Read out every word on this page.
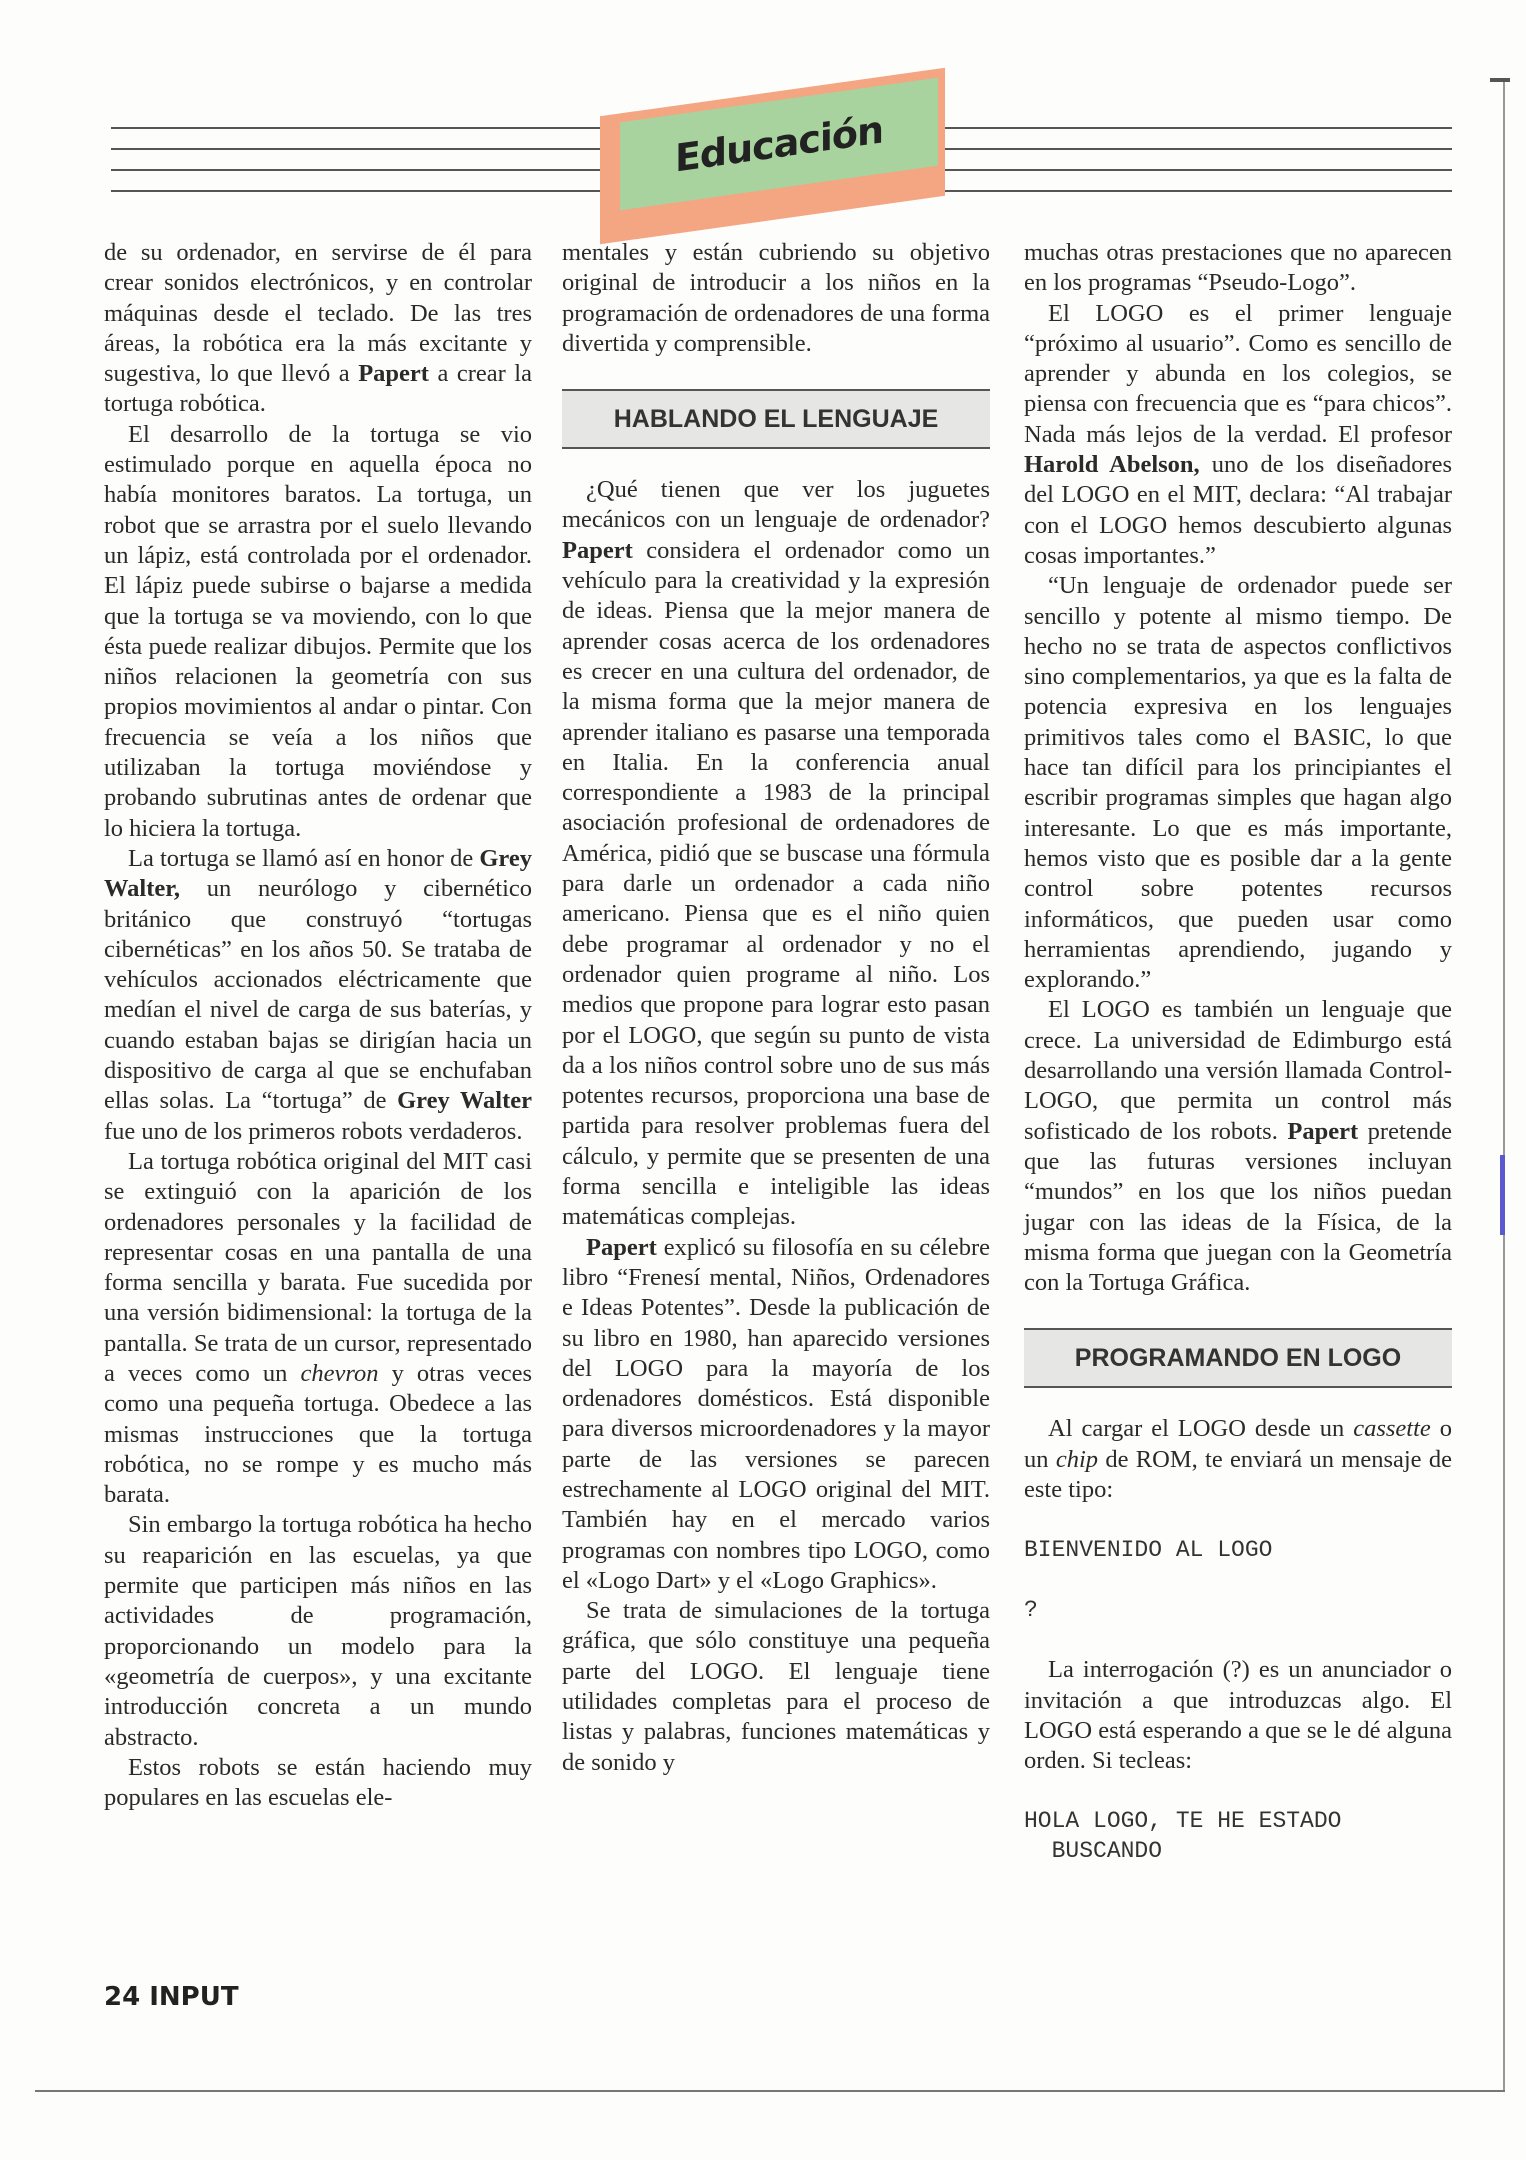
Educación

de su ordenador, en servirse de él para crear sonidos electrónicos, y en controlar máquinas desde el teclado. De las tres áreas, la robótica era la más excitante y sugestiva, lo que llevó a Papert a crear la tortuga robótica.

El desarrollo de la tortuga se vio estimulado porque en aquella época no había monitores baratos. La tortuga, un robot que se arrastra por el suelo llevando un lápiz, está controlada por el ordenador. El lápiz puede subirse o bajarse a medida que la tortuga se va moviendo, con lo que ésta puede realizar dibujos. Permite que los niños relacionen la geometría con sus propios movimientos al andar o pintar. Con frecuencia se veía a los niños que utilizaban la tortuga moviéndose y probando subrutinas antes de ordenar que lo hiciera la tortuga.

La tortuga se llamó así en honor de Grey Walter, un neurólogo y cibernético británico que construyó “tortugas cibernéticas” en los años 50. Se trataba de vehículos accionados eléctricamente que medían el nivel de carga de sus baterías, y cuando estaban bajas se dirigían hacia un dispositivo de carga al que se enchufaban ellas solas. La “tortuga” de Grey Walter fue uno de los primeros robots verdaderos.

La tortuga robótica original del MIT casi se extinguió con la aparición de los ordenadores personales y la facilidad de representar cosas en una pantalla de una forma sencilla y barata. Fue sucedida por una versión bidimensional: la tortuga de la pantalla. Se trata de un cursor, representado a veces como un chevron y otras veces como una pequeña tortuga. Obedece a las mismas instrucciones que la tortuga robótica, no se rompe y es mucho más barata.

Sin embargo la tortuga robótica ha hecho su reaparición en las escuelas, ya que permite que participen más niños en las actividades de programación, proporcionando un modelo para la «geometría de cuerpos», y una excitante introducción concreta a un mundo abstracto.

Estos robots se están haciendo muy populares en las escuelas ele-

mentales y están cubriendo su objetivo original de introducir a los niños en la programación de ordenadores de una forma divertida y comprensible.

HABLANDO EL LENGUAJE

¿Qué tienen que ver los juguetes mecánicos con un lenguaje de ordenador? Papert considera el ordenador como un vehículo para la creatividad y la expresión de ideas. Piensa que la mejor manera de aprender cosas acerca de los ordenadores es crecer en una cultura del ordenador, de la misma forma que la mejor manera de aprender italiano es pasarse una temporada en Italia. En la conferencia anual correspondiente a 1983 de la principal asociación profesional de ordenadores de América, pidió que se buscase una fórmula para darle un ordenador a cada niño americano. Piensa que es el niño quien debe programar al ordenador y no el ordenador quien programe al niño. Los medios que propone para lograr esto pasan por el LOGO, que según su punto de vista da a los niños control sobre uno de sus más potentes recursos, proporciona una base de partida para resolver problemas fuera del cálculo, y permite que se presenten de una forma sencilla e inteligible las ideas matemáticas complejas.

Papert explicó su filosofía en su célebre libro “Frenesí mental, Niños, Ordenadores e Ideas Potentes”. Desde la publicación de su libro en 1980, han aparecido versiones del LOGO para la mayoría de los ordenadores domésticos. Está disponible para diversos microordenadores y la mayor parte de las versiones se parecen estrechamente al LOGO original del MIT. También hay en el mercado varios programas con nombres tipo LOGO, como el «Logo Dart» y el «Logo Graphics».

Se trata de simulaciones de la tortuga gráfica, que sólo constituye una pequeña parte del LOGO. El lenguaje tiene utilidades completas para el proceso de listas y palabras, funciones matemáticas y de sonido y

muchas otras prestaciones que no aparecen en los programas “Pseudo-Logo”.

El LOGO es el primer lenguaje “próximo al usuario”. Como es sencillo de aprender y abunda en los colegios, se piensa con frecuencia que es “para chicos”. Nada más lejos de la verdad. El profesor Harold Abelson, uno de los diseñadores del LOGO en el MIT, declara: “Al trabajar con el LOGO hemos descubierto algunas cosas importantes.”

“Un lenguaje de ordenador puede ser sencillo y potente al mismo tiempo. De hecho no se trata de aspectos conflictivos sino complementarios, ya que es la falta de potencia expresiva en los lenguajes primitivos tales como el BASIC, lo que hace tan difícil para los principiantes el escribir programas simples que hagan algo interesante. Lo que es más importante, hemos visto que es posible dar a la gente control sobre potentes recursos informáticos, que pueden usar como herramientas aprendiendo, jugando y explorando.”

El LOGO es también un lenguaje que crece. La universidad de Edimburgo está desarrollando una versión llamada Control-LOGO, que permita un control más sofisticado de los robots. Papert pretende que las futuras versiones incluyan “mundos” en los que los niños puedan jugar con las ideas de la Física, de la misma forma que juegan con la Geometría con la Tortuga Gráfica.

PROGRAMANDO EN LOGO

Al cargar el LOGO desde un cassette o un chip de ROM, te enviará un mensaje de este tipo:

BIENVENIDO AL LOGO
?

La interrogación (?) es un anunciador o invitación a que introduzcas algo. El LOGO está esperando a que se le dé alguna orden. Si tecleas:

HOLA LOGO, TE HE ESTADO
BUSCANDO
24 INPUT
